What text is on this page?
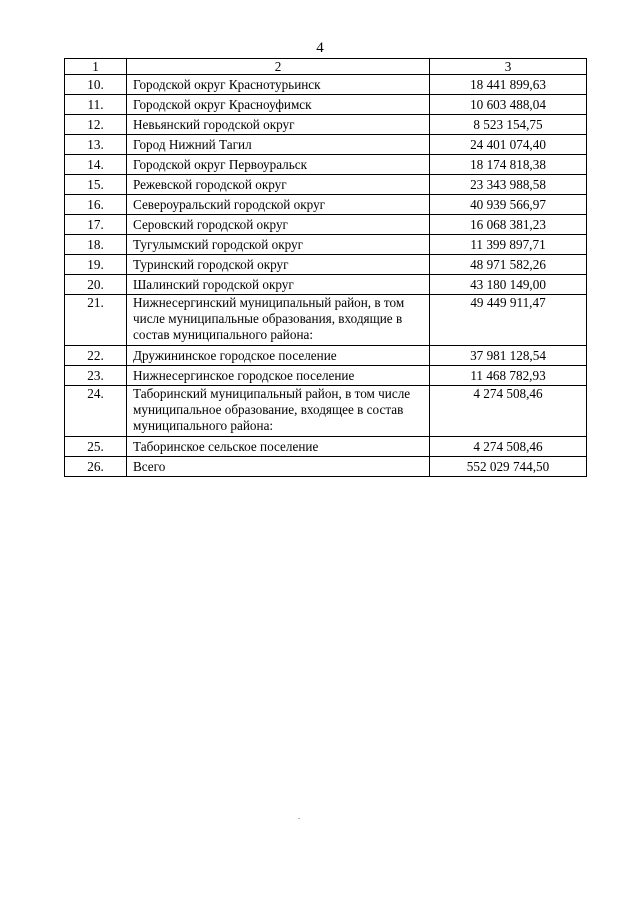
4
1	2	3
10.	Городской округ Краснотурьинск	18 441 899,63
11.	Городской округ Красноуфимск	10 603 488,04
12.	Невьянский городской округ	8 523 154,75
13.	Город Нижний Тагил	24 401 074,40
14.	Городской округ Первоуральск	18 174 818,38
15.	Режевской городской округ	23 343 988,58
16.	Североуральский городской округ	40 939 566,97
17.	Серовский городской округ	16 068 381,23
18.	Тугулымский городской округ	11 399 897,71
19.	Туринский городской округ	48 971 582,26
20.	Шалинский городской округ	43 180 149,00
21.	Нижнесергинский муниципальный район, в том числе муниципальные образования, входящие в состав муниципального района:	49 449 911,47
22.	Дружининское городское поселение	37 981 128,54
23.	Нижнесергинское городское поселение	11 468 782,93
24.	Таборинский муниципальный район, в том числе муниципальное образование, входящее в состав муниципального района:	4 274 508,46
25.	Таборинское сельское поселение	4 274 508,46
26.	Всего	552 029 744,50
